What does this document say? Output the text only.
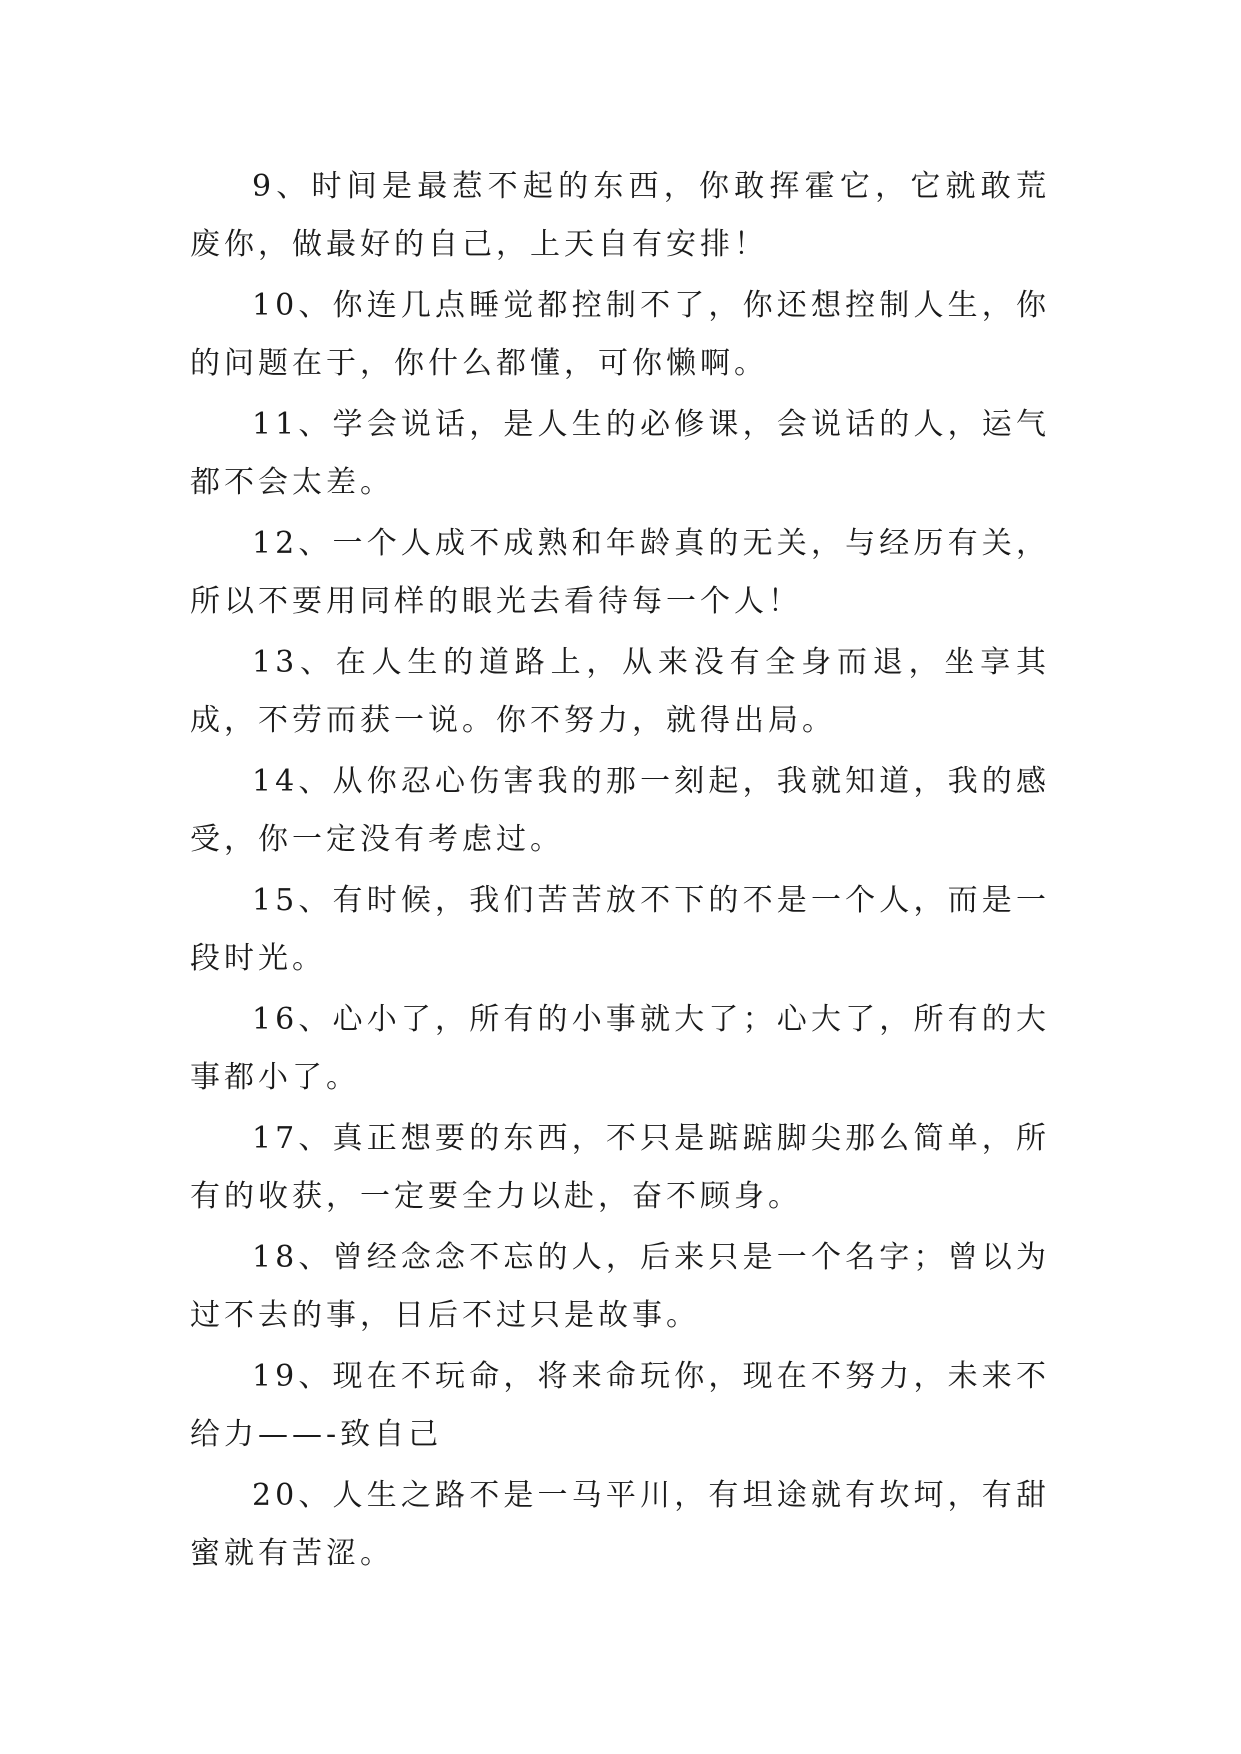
9、时间是最惹不起的东西，你敢挥霍它，它就敢荒废你，做最好的自己，上天自有安排！

10、你连几点睡觉都控制不了，你还想控制人生，你的问题在于，你什么都懂，可你懒啊。

11、学会说话，是人生的必修课，会说话的人，运气都不会太差。

12、一个人成不成熟和年龄真的无关，与经历有关，所以不要用同样的眼光去看待每一个人！

13、在人生的道路上，从来没有全身而退，坐享其成，不劳而获一说。你不努力，就得出局。

14、从你忍心伤害我的那一刻起，我就知道，我的感受，你一定没有考虑过。

15、有时候，我们苦苦放不下的不是一个人，而是一段时光。

16、心小了，所有的小事就大了；心大了，所有的大事都小了。

17、真正想要的东西，不只是踮踮脚尖那么简单，所有的收获，一定要全力以赴，奋不顾身。

18、曾经念念不忘的人，后来只是一个名字；曾以为过不去的事，日后不过只是故事。

19、现在不玩命，将来命玩你，现在不努力，未来不给力——-致自己

20、人生之路不是一马平川，有坦途就有坎坷，有甜蜜就有苦涩。
